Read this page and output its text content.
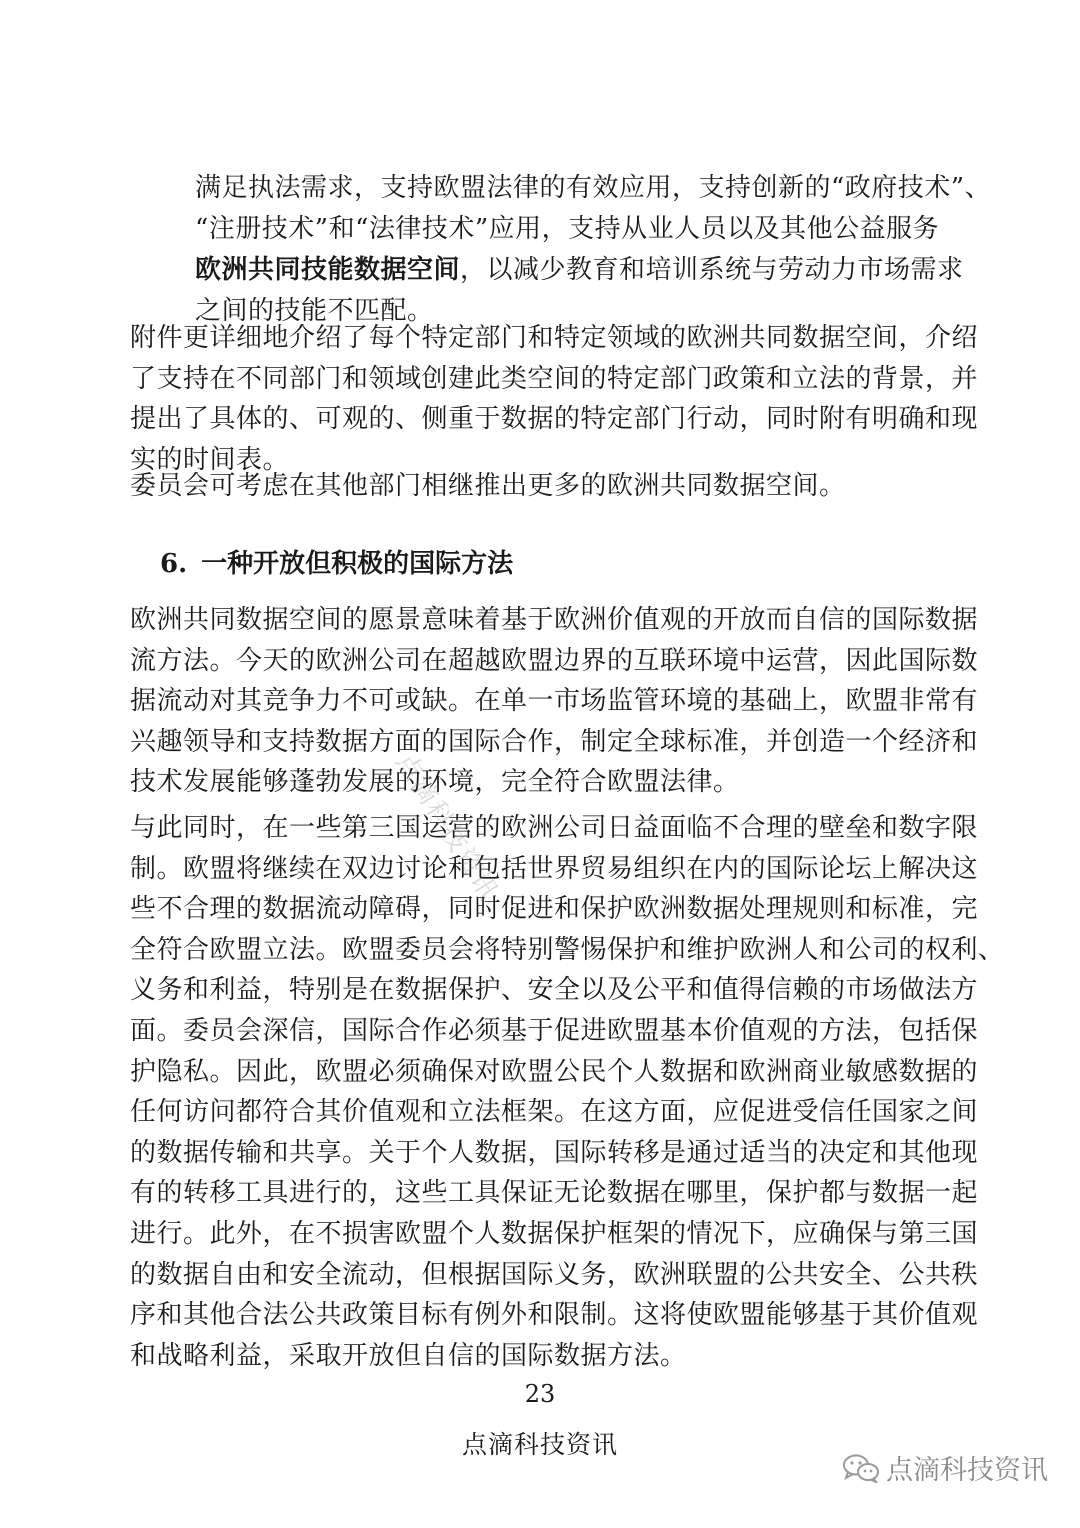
满足执法需求，支持欧盟法律的有效应用，支持创新的“政府技术”、
“注册技术”和“法律技术”应用，支持从业人员以及其他公益服务
欧洲共同技能数据空间，以减少教育和培训系统与劳动力市场需求
之间的技能不匹配。
附件更详细地介绍了每个特定部门和特定领域的欧洲共同数据空间，介绍
了支持在不同部门和领域创建此类空间的特定部门政策和立法的背景，并
提出了具体的、可观的、侧重于数据的特定部门行动，同时附有明确和现
实的时间表。
委员会可考虑在其他部门相继推出更多的欧洲共同数据空间。
6. 一种开放但积极的国际方法
欧洲共同数据空间的愿景意味着基于欧洲价值观的开放而自信的国际数据
流方法。今天的欧洲公司在超越欧盟边界的互联环境中运营，因此国际数
据流动对其竞争力不可或缺。在单一市场监管环境的基础上，欧盟非常有
兴趣领导和支持数据方面的国际合作，制定全球标准，并创造一个经济和
技术发展能够蓬勃发展的环境，完全符合欧盟法律。
与此同时，在一些第三国运营的欧洲公司日益面临不合理的壁垒和数字限
制。欧盟将继续在双边讨论和包括世界贸易组织在内的国际论坛上解决这
些不合理的数据流动障碍，同时促进和保护欧洲数据处理规则和标准，完
全符合欧盟立法。欧盟委员会将特别警惕保护和维护欧洲人和公司的权利、
义务和利益，特别是在数据保护、安全以及公平和值得信赖的市场做法方
面。委员会深信，国际合作必须基于促进欧盟基本价值观的方法，包括保
护隐私。因此，欧盟必须确保对欧盟公民个人数据和欧洲商业敏感数据的
任何访问都符合其价值观和立法框架。在这方面，应促进受信任国家之间
的数据传输和共享。关于个人数据，国际转移是通过适当的决定和其他现
有的转移工具进行的，这些工具保证无论数据在哪里，保护都与数据一起
进行。此外，在不损害欧盟个人数据保护框架的情况下，应确保与第三国
的数据自由和安全流动，但根据国际义务，欧洲联盟的公共安全、公共秩
序和其他合法公共政策目标有例外和限制。这将使欧盟能够基于其价值观
和战略利益，采取开放但自信的国际数据方法。
点滴科技资讯
23
点滴科技资讯
点滴科技资讯
